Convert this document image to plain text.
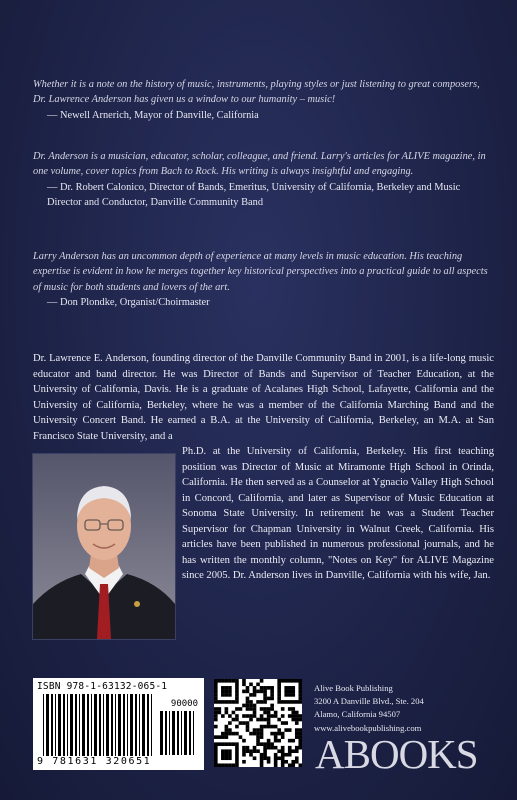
Whether it is a note on the history of music, instruments, playing styles or just listening to great composers, Dr. Lawrence Anderson has given us a window to our humanity – music!
— Newell Arnerich, Mayor of Danville, California
Dr. Anderson is a musician, educator, scholar, colleague, and friend. Larry's articles for ALIVE magazine, in one volume, cover topics from Bach to Rock. His writing is always insightful and engaging.
— Dr. Robert Calonico, Director of Bands, Emeritus, University of California, Berkeley and Music Director and Conductor, Danville Community Band
Larry Anderson has an uncommon depth of experience at many levels in music education. His teaching expertise is evident in how he merges together key historical perspectives into a practical guide to all aspects of music for both students and lovers of the art.
— Don Plondke, Organist/Choirmaster
Dr. Lawrence E. Anderson, founding director of the Danville Community Band in 2001, is a life-long music educator and band director. He was Director of Bands and Supervisor of Teacher Education, at the University of California, Davis. He is a graduate of Acalanes High School, Lafayette, California and the University of California, Berkeley, where he was a member of the California Marching Band and the University Concert Band. He earned a B.A. at the University of California, Berkeley, an M.A. at San Francisco State University, and a
Ph.D. at the University of California, Berkeley. His first teaching position was Director of Music at Miramonte High School in Orinda, California. He then served as a Counselor at Ygnacio Valley High School in Concord, California, and later as Supervisor of Music Education at Sonoma State University. In retirement he was a Student Teacher Supervisor for Chapman University in Walnut Creek, California. His articles have been published in numerous professional journals, and he has written the monthly column, "Notes on Key" for ALIVE Magazine since 2005. Dr. Anderson lives in Danville, California with his wife, Jan.
ISBN 978-1-63132-065-1
90000
9 781631 320651
Alive Book Publishing
3200 A Danville Blvd., Ste. 204
Alamo, California 94507
www.alivebookpublishing.com
ABOOKS
